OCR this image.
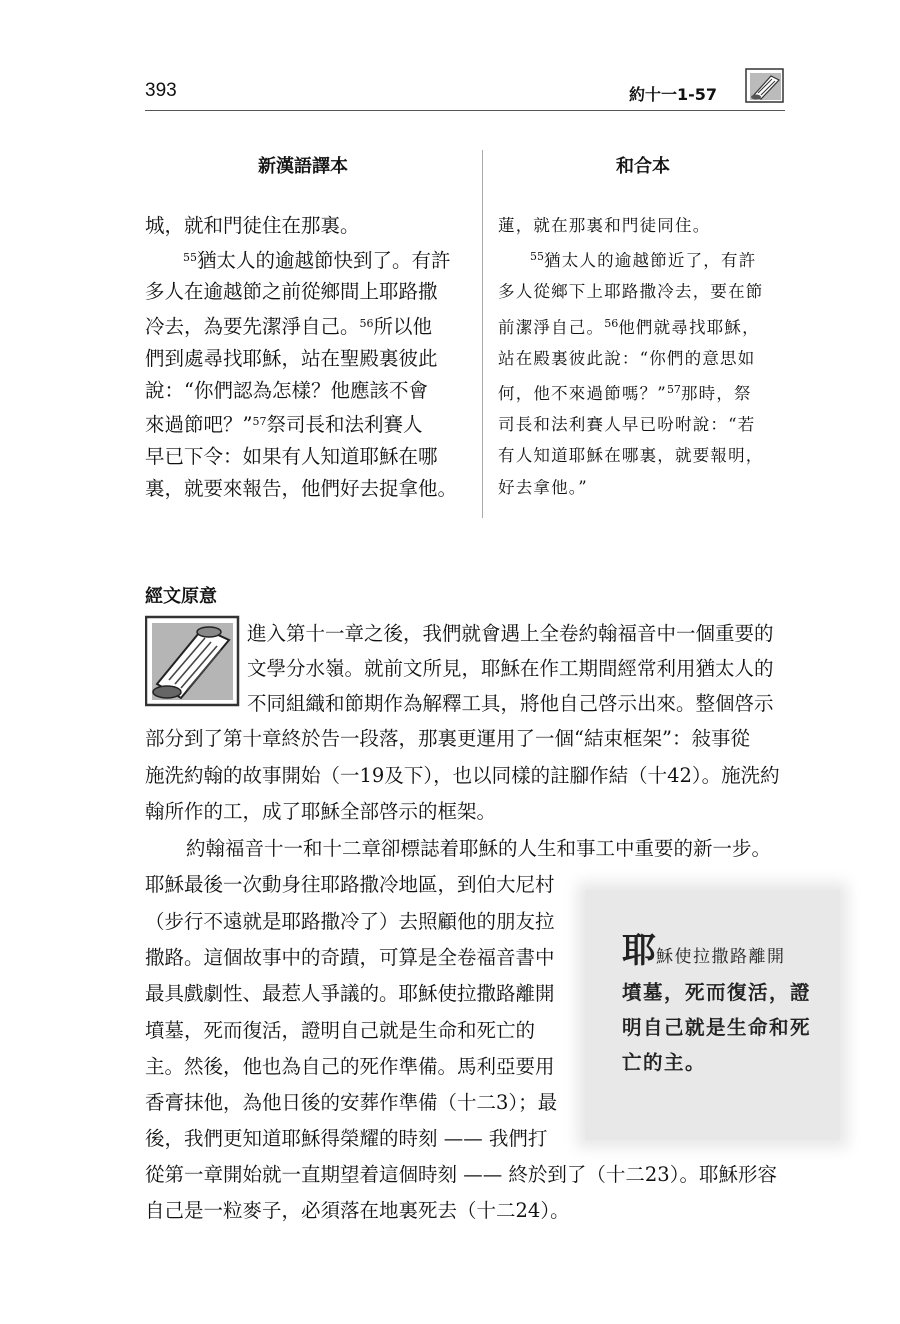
393	約十一1-57
新漢語譯本	和合本

城，就和門徒住在那裏。

$^{55}$猶太人的逾越節快到了。有許

多人在逾越節之前從鄉間上耶路撒

冷去，為要先潔淨自己。$^{56}$所以他

們到處尋找耶穌，站在聖殿裏彼此

說：“你們認為怎樣？他應該不會

來過節吧？”$^{57}$祭司長和法利賽人

早已下令：如果有人知道耶穌在哪

裏，就要來報告，他們好去捉拿他。

蓮，就在那裏和門徒同住。

$^{55}$猶太人的逾越節近了，有許

多人從鄉下上耶路撒冷去，要在節

前潔淨自己。$^{56}$他們就尋找耶穌，

站在殿裏彼此說：“你們的意思如

何，他不來過節嗎？”$^{57}$那時，祭

司長和法利賽人早已吩咐說：“若

有人知道耶穌在哪裏，就要報明，

好去拿他。”

經文原意
進入第十一章之後，我們就會遇上全卷約翰福音中一個重要的
文學分水嶺。就前文所見，耶穌在作工期間經常利用猶太人的
不同組織和節期作為解釋工具，將他自己啓示出來。整個啓示
部分到了第十章終於告一段落，那裏更運用了一個“結束框架”：敍事從
施洗約翰的故事開始（一19及下），也以同樣的註腳作結（十42）。施洗約
翰所作的工，成了耶穌全部啓示的框架。
約翰福音十一和十二章卻標誌着耶穌的人生和事工中重要的新一步。
耶穌使拉撒路離開
墳墓，死而復活，證明自己就是生命和死亡的主。
耶穌最後一次動身往耶路撒冷地區，到伯大尼村
（步行不遠就是耶路撒冷了）去照顧他的朋友拉
撒路。這個故事中的奇蹟，可算是全卷福音書中
最具戲劇性、最惹人爭議的。耶穌使拉撒路離開
墳墓，死而復活，證明自己就是生命和死亡的
主。然後，他也為自己的死作準備。馬利亞要用
香膏抹他，為他日後的安葬作準備（十二3）；最
後，我們更知道耶穌得榮耀的時刻 —— 我們打
從第一章開始就一直期望着這個時刻 —— 終於到了（十二23）。耶穌形容
自己是一粒麥子，必須落在地裏死去（十二24）。
